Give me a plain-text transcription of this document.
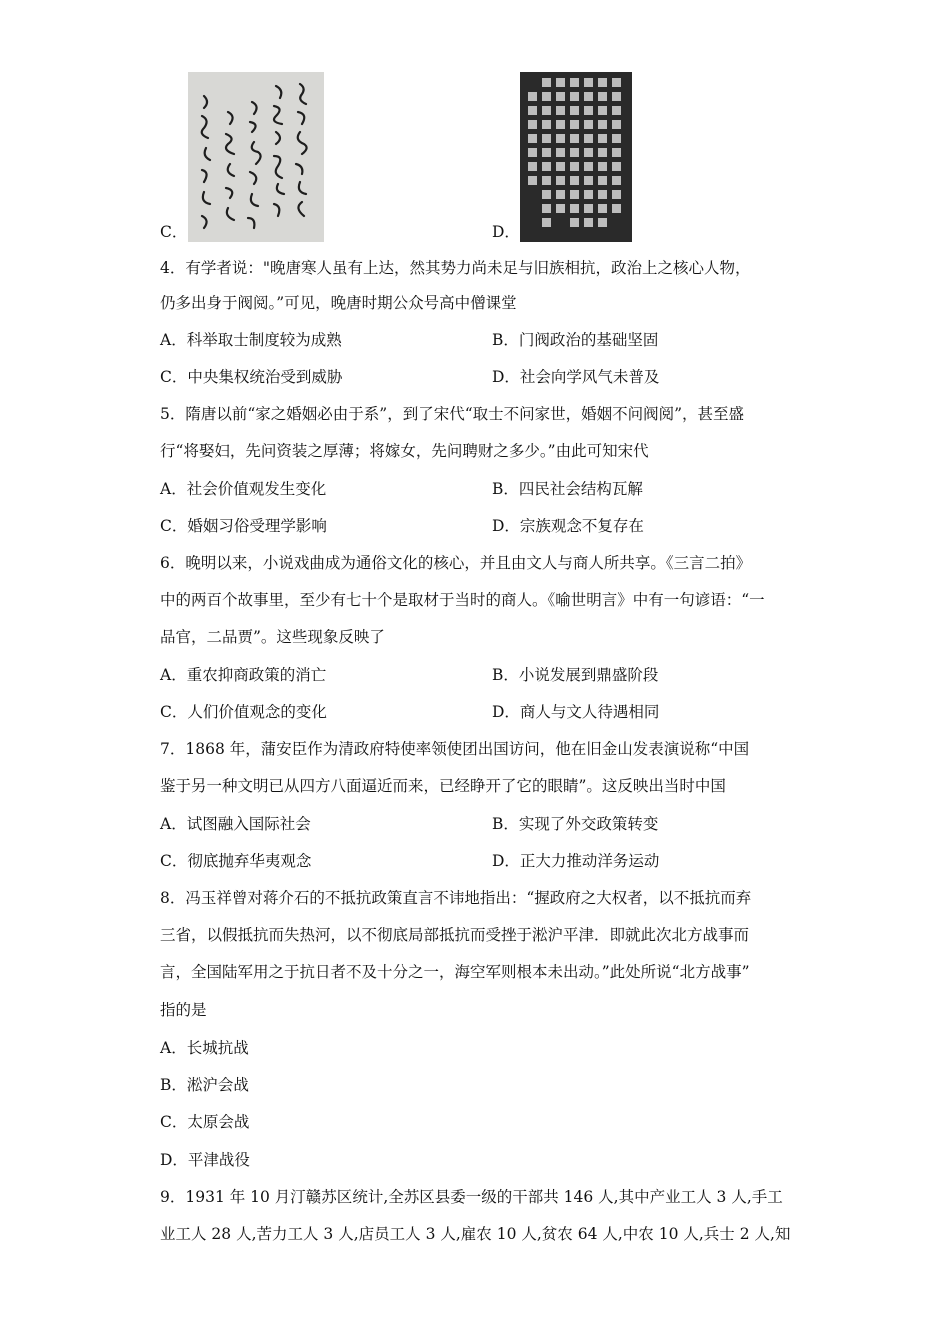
C．	D．
4．有学者说："晚唐寒人虽有上达，然其势力尚未足与旧族相抗，政治上之核心人物，
仍多出身于阀阅。”可见，晚唐时期公众号高中僧课堂
A．科举取士制度较为成熟	B．门阀政治的基础坚固
C．中央集权统治受到威胁	D．社会向学风气未普及
5．隋唐以前“家之婚姻必由于系”，到了宋代“取士不问家世，婚姻不问阀阅”，甚至盛
行“将娶妇，先问资装之厚薄；将嫁女，先问聘财之多少。”由此可知宋代
A．社会价值观发生变化	B．四民社会结构瓦解
C．婚姻习俗受理学影响	D．宗族观念不复存在
6．晚明以来，小说戏曲成为通俗文化的核心，并且由文人与商人所共享。《三言二拍》
中的两百个故事里，至少有七十个是取材于当时的商人。《喻世明言》中有一句谚语：“一
品官，二品贾”。这些现象反映了
A．重农抑商政策的消亡	B．小说发展到鼎盛阶段
C．人们价值观念的变化	D．商人与文人待遇相同
7．1868 年，蒲安臣作为清政府特使率领使团出国访问，他在旧金山发表演说称“中国
鉴于另一种文明已从四方八面逼近而来，已经睁开了它的眼睛”。这反映出当时中国
A．试图融入国际社会	B．实现了外交政策转变
C．彻底抛弃华夷观念	D．正大力推动洋务运动
8．冯玉祥曾对蒋介石的不抵抗政策直言不讳地指出：“握政府之大权者，以不抵抗而弃
三省，以假抵抗而失热河，以不彻底局部抵抗而受挫于淞沪平津．即就此次北方战事而
言，全国陆军用之于抗日者不及十分之一，海空军则根本未出动。”此处所说“北方战事”
指的是
A．长城抗战
B．淞沪会战
C．太原会战
D．平津战役
9．1931 年 10 月汀赣苏区统计,全苏区县委一级的干部共 146 人,其中产业工人 3 人,手工
业工人 28 人,苦力工人 3 人,店员工人 3 人,雇农 10 人,贫农 64 人,中农 10 人,兵士 2 人,知
